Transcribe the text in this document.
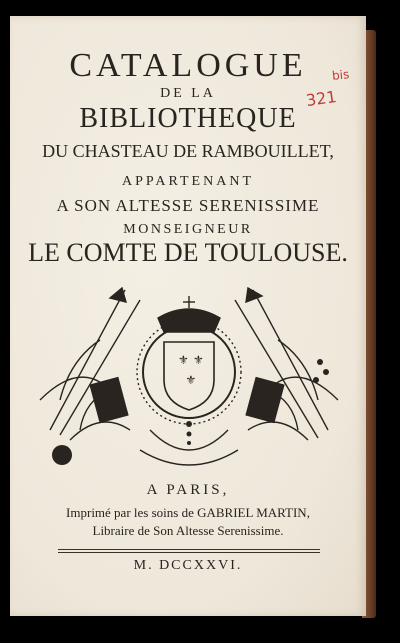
CATALOGUE
DE LA
BIBLIOTHEQUE
DU CHASTEAU DE RAMBOUILLET,
APPARTENANT
A SON ALTESSE SERENISSIME
MONSEIGNEUR
LE COMTE DE TOULOUSE.
321
bis
⚜ ⚜
⚜
A PARIS,
Imprimé par les soins de GABRIEL MARTIN,
Libraire de Son Altesse Serenissime.
M. DCCXXVI.
